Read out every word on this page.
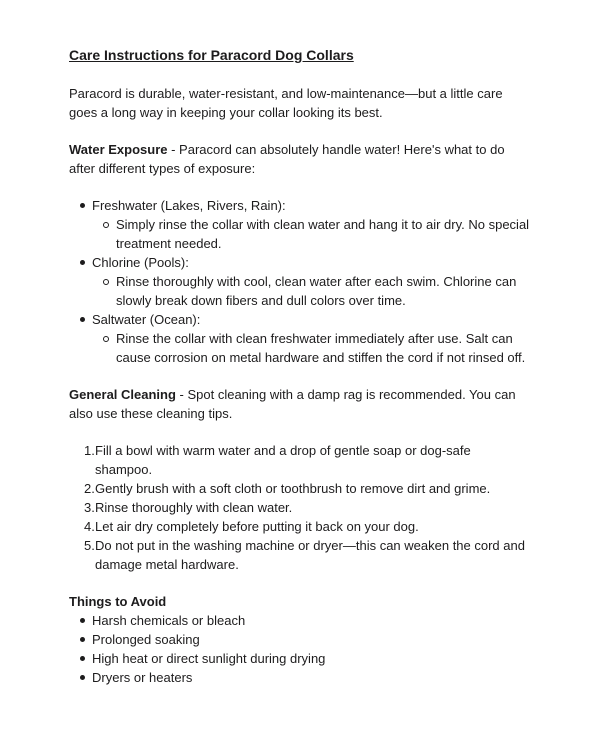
Care Instructions for Paracord Dog Collars

Paracord is durable, water-resistant, and low-maintenance—but a little care goes a long way in keeping your collar looking its best.

Water Exposure - Paracord can absolutely handle water! Here's what to do after different types of exposure:

Freshwater (Lakes, Rivers, Rain):
Simply rinse the collar with clean water and hang it to air dry. No special treatment needed.
Chlorine (Pools):
Rinse thoroughly with cool, clean water after each swim. Chlorine can slowly break down fibers and dull colors over time.
Saltwater (Ocean):
Rinse the collar with clean freshwater immediately after use. Salt can cause corrosion on metal hardware and stiffen the cord if not rinsed off.

General Cleaning - Spot cleaning with a damp rag is recommended. You can also use these cleaning tips.

Fill a bowl with warm water and a drop of gentle soap or dog-safe shampoo.
Gently brush with a soft cloth or toothbrush to remove dirt and grime.
Rinse thoroughly with clean water.
Let air dry completely before putting it back on your dog.
Do not put in the washing machine or dryer—this can weaken the cord and damage metal hardware.

Things to Avoid

Harsh chemicals or bleach
Prolonged soaking
High heat or direct sunlight during drying
Dryers or heaters
